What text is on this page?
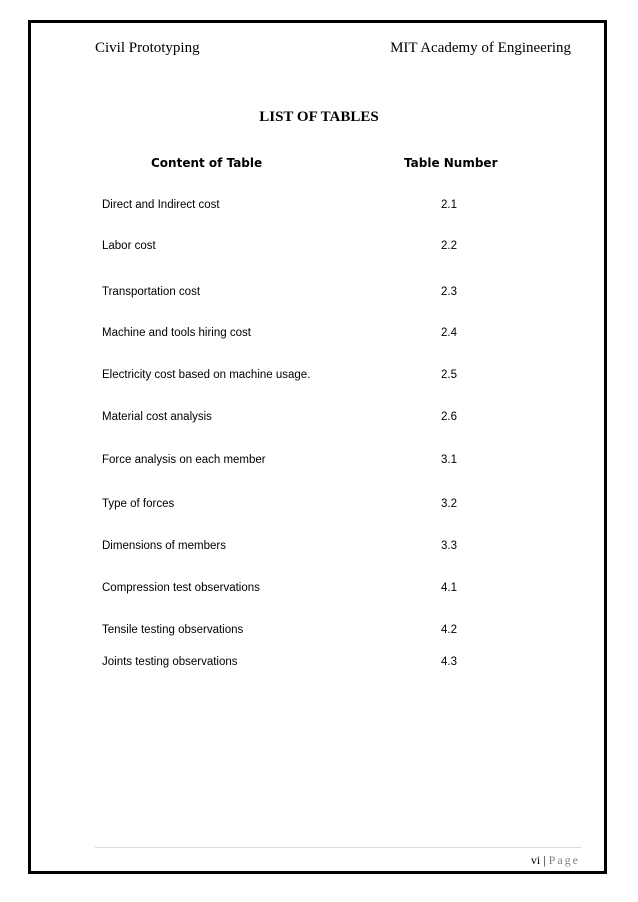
Civil Prototyping	MIT Academy of Engineering
LIST OF TABLES
Content of Table	Table Number
Direct and Indirect cost	2.1
Labor cost	2.2
Transportation cost	2.3
Machine and tools hiring cost	2.4
Electricity cost based on machine usage.	2.5
Material cost analysis	2.6
Force analysis on each member	3.1
Type of forces	3.2
Dimensions of members	3.3
Compression test observations	4.1
Tensile testing observations	4.2
Joints testing observations	4.3
vi | Page
